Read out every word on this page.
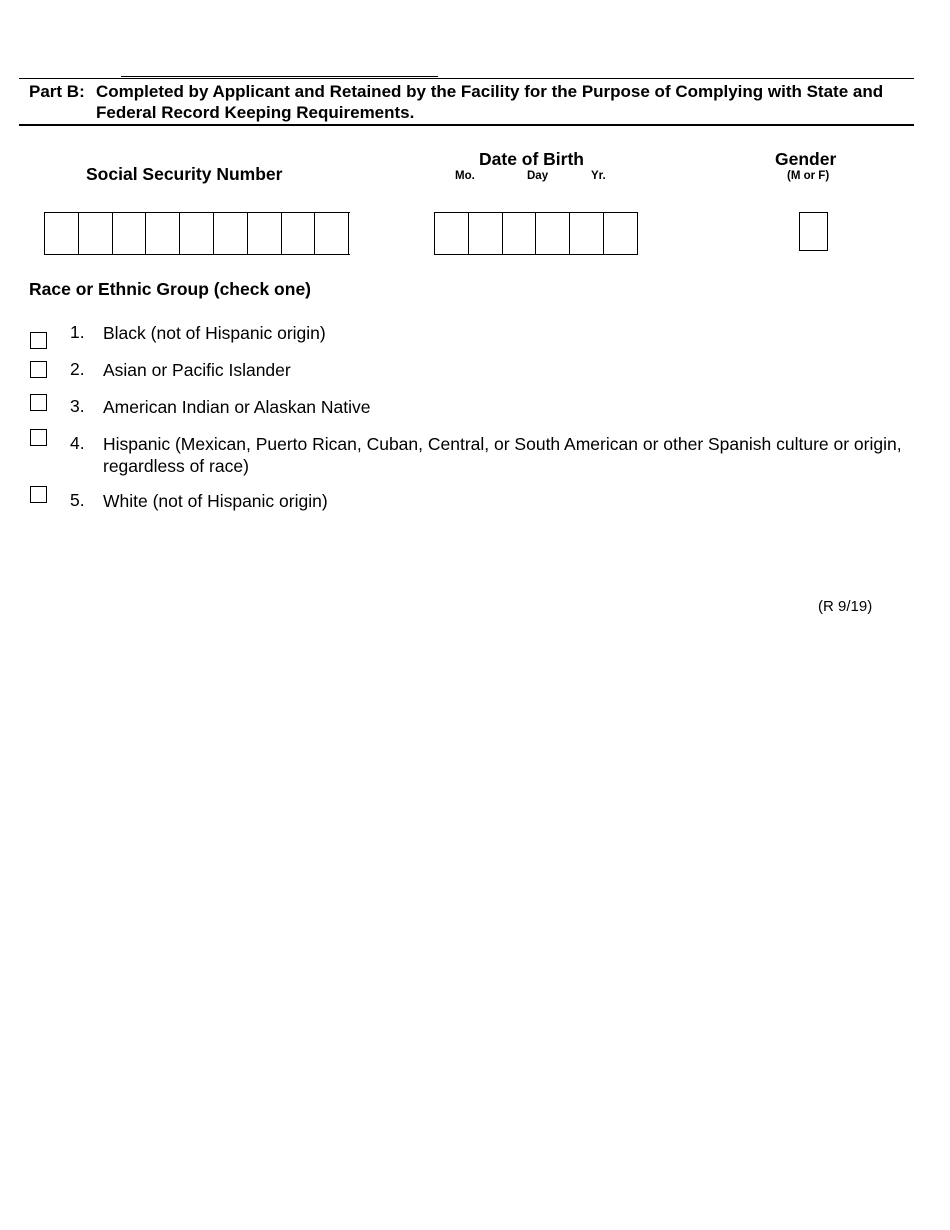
Part B: Completed by Applicant and Retained by the Facility for the Purpose of Complying with State and Federal Record Keeping Requirements.
Social Security Number
Date of Birth
Mo.	Day	Yr.
Gender
(M or F)
Race or Ethnic Group (check one)
1. Black (not of Hispanic origin)
2. Asian or Pacific Islander
3. American Indian or Alaskan Native
4. Hispanic (Mexican, Puerto Rican, Cuban, Central, or South American or other Spanish culture or origin, regardless of race)
5. White (not of Hispanic origin)
(R 9/19)
